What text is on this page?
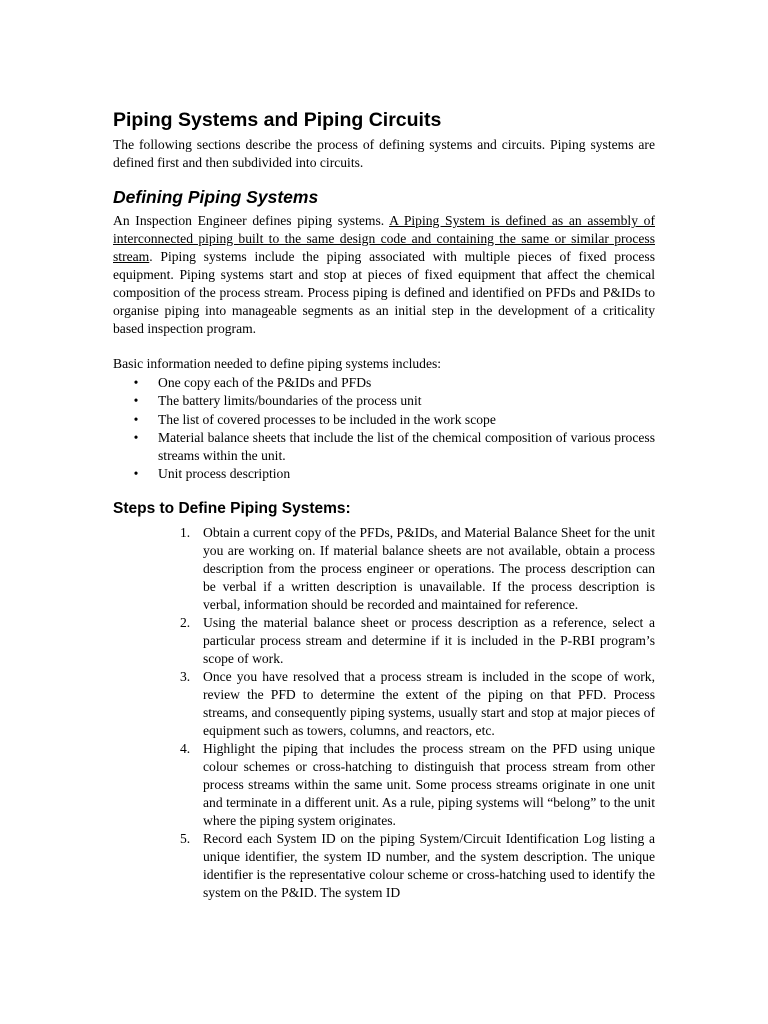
Piping Systems and Piping Circuits

The following sections describe the process of defining systems and circuits. Piping systems are defined first and then subdivided into circuits.

Defining Piping Systems

An Inspection Engineer defines piping systems. A Piping System is defined as an assembly of interconnected piping built to the same design code and containing the same or similar process stream. Piping systems include the piping associated with multiple pieces of fixed process equipment. Piping systems start and stop at pieces of fixed equipment that affect the chemical composition of the process stream. Process piping is defined and identified on PFDs and P&IDs to organise piping into manageable segments as an initial step in the development of a criticality based inspection program.

Basic information needed to define piping systems includes:

• One copy each of the P&IDs and PFDs
• The battery limits/boundaries of the process unit
• The list of covered processes to be included in the work scope
• Material balance sheets that include the list of the chemical composition of various process streams within the unit.
• Unit process description
Steps to Define Piping Systems:
1. Obtain a current copy of the PFDs, P&IDs, and Material Balance Sheet for the unit you are working on. If material balance sheets are not available, obtain a process description from the process engineer or operations. The process description can be verbal if a written description is unavailable. If the process description is verbal, information should be recorded and maintained for reference.
2. Using the material balance sheet or process description as a reference, select a particular process stream and determine if it is included in the P-RBI program’s scope of work.
3. Once you have resolved that a process stream is included in the scope of work, review the PFD to determine the extent of the piping on that PFD. Process streams, and consequently piping systems, usually start and stop at major pieces of equipment such as towers, columns, and reactors, etc.
4. Highlight the piping that includes the process stream on the PFD using unique colour schemes or cross-hatching to distinguish that process stream from other process streams within the same unit. Some process streams originate in one unit and terminate in a different unit. As a rule, piping systems will “belong” to the unit where the piping system originates.
5. Record each System ID on the piping System/Circuit Identification Log listing a unique identifier, the system ID number, and the system description. The unique identifier is the representative colour scheme or cross-hatching used to identify the system on the P&ID. The system ID
